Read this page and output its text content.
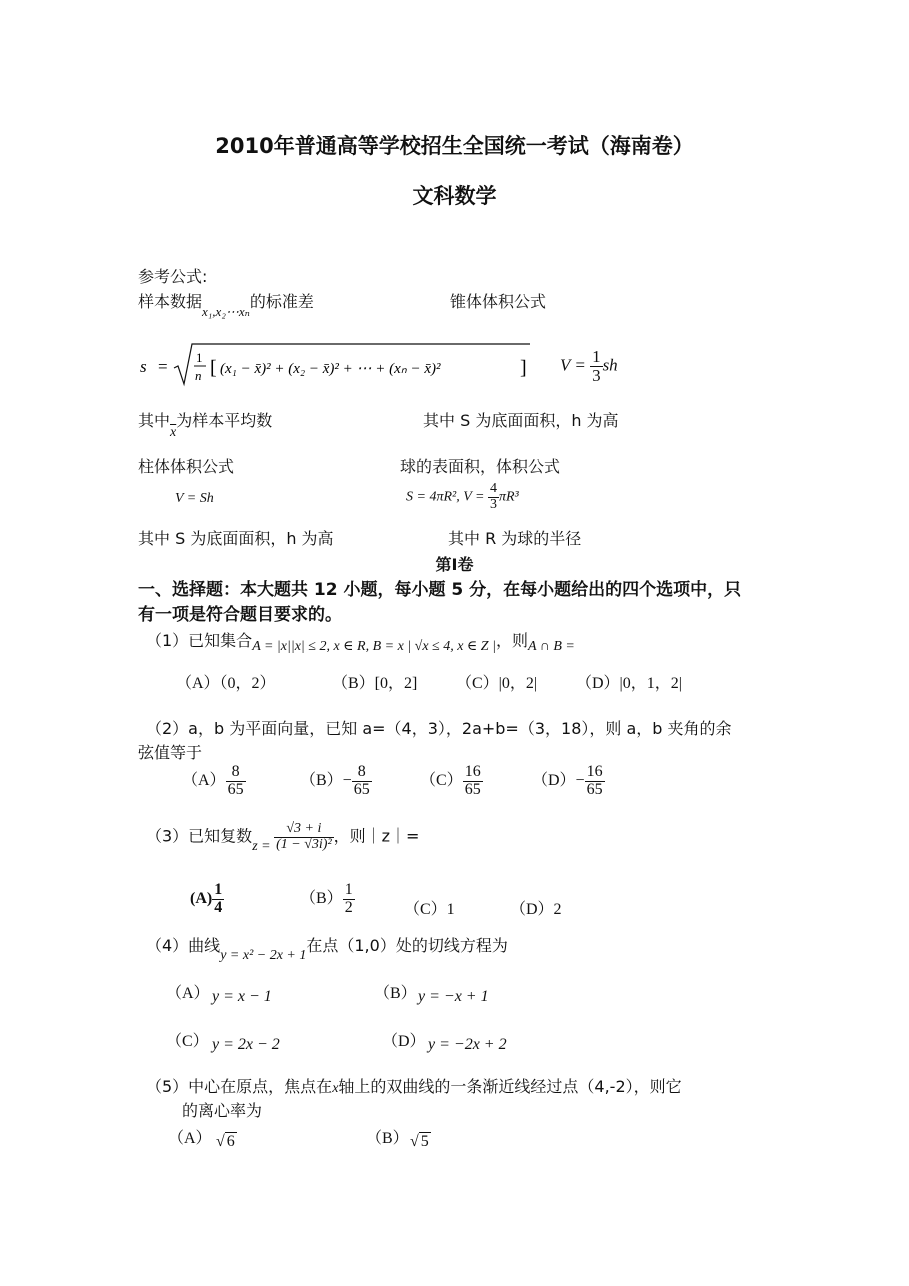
2010年普通高等学校招生全国统一考试（海南卷）
文科数学
参考公式:
样本数据$_{x_1,x_2\cdots x_n}$的标准差	锥体体积公式
s = 1
n [ (x₁ − x̄)² + (x₂ − x̄)² + ⋯ + (xₙ − x̄)²	] $V = \frac{1}{3}$ sh
其中$\overline{x}$为样本平均数	其中 S 为底面面积，h 为高
柱体体积公式	球的表面积，体积公式
V = Sh	S = 4πR², $V = \frac{4}{3} \pi R^3$
其中 S 为底面面积，h 为高	其中 R 为球的半径
第Ⅰ卷
一、选择题：本大题共 12 小题，每小题 5 分，在每小题给出的四个选项中，只
有一项是符合题目要求的。
（1）已知集合A = |x||x| ≤ 2, x ∈ R, B = x | √x ≤ 4, x ∈ Z |，则A ∩ B =
（A）（0，2）	（B）[0，2] （C）|0，2| （D）|0，1，2|
（2）a，b 为平面向量，已知 a=（4，3），2a+b=（3，18），则 a，b 夹角的余
弦值等于
$(A) \frac{8}{65}$	$(B)- \frac{8}{65}$	$(C) \frac{16}{65}$	$(D)- \frac{16}{65}$
（3）已知复数$z = \frac{√3 + i}{\text{(1 − √3i)²}}$ ，则｜z｜=
$(A) \frac{1}{4}$	$(B) \frac{1}{2}$	（C）1	（D）2
（4）曲线y = x² − 2x + 1在点（1,0）处的切线方程为
（A） y = x − 1	（B） y = −x + 1
（C） y = 2x − 2	（D） y = −2x + 2
（5）中心在原点，焦点在x轴上的双曲线的一条渐近线经过点（4,-2），则它
的离心率为
（A） √ 6	（B） √ 5
